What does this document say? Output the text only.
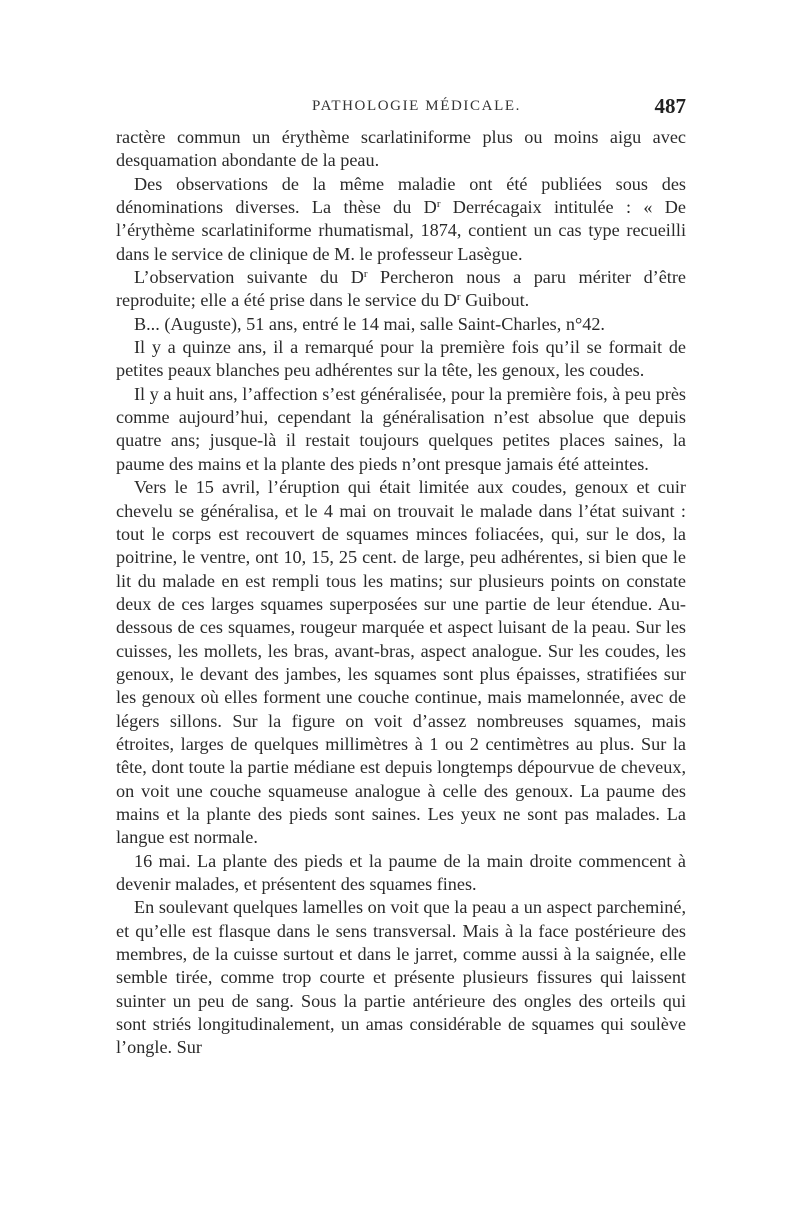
PATHOLOGIE MÉDICALE.	487

ractère commun un érythème scarlatiniforme plus ou moins aigu avec desquamation abondante de la peau.

Des observations de la même maladie ont été publiées sous des dénominations diverses. La thèse du $D^r$ Derrécagaix intitulée : « De l’érythème scarlatiniforme rhumatismal, 1874, contient un cas type recueilli dans le service de clinique de M. le professeur Lasègue.

L’observation suivante du $D^r$ Percheron nous a paru mériter d’être reproduite; elle a été prise dans le service du $D^r$ Guibout.

B... (Auguste), 51 ans, entré le 14 mai, salle Saint-Charles, n°42.

Il y a quinze ans, il a remarqué pour la première fois qu’il se formait de petites peaux blanches peu adhérentes sur la tête, les genoux, les coudes.

Il y a huit ans, l’affection s’est généralisée, pour la première fois, à peu près comme aujourd’hui, cependant la généralisation n’est absolue que depuis quatre ans; jusque-là il restait toujours quelques petites places saines, la paume des mains et la plante des pieds n’ont presque jamais été atteintes.

Vers le 15 avril, l’éruption qui était limitée aux coudes, genoux et cuir chevelu se généralisa, et le 4 mai on trouvait le malade dans l’état suivant : tout le corps est recouvert de squames minces foliacées, qui, sur le dos, la poitrine, le ventre, ont 10, 15, 25 cent. de large, peu adhérentes, si bien que le lit du malade en est rempli tous les matins; sur plusieurs points on constate deux de ces larges squames superposées sur une partie de leur étendue. Au-dessous de ces squames, rougeur marquée et aspect luisant de la peau. Sur les cuisses, les mollets, les bras, avant-bras, aspect analogue. Sur les coudes, les genoux, le devant des jambes, les squames sont plus épaisses, stratifiées sur les genoux où elles forment une couche continue, mais mamelonnée, avec de légers sillons. Sur la figure on voit d’assez nombreuses squames, mais étroites, larges de quelques millimètres à 1 ou 2 centimètres au plus. Sur la tête, dont toute la partie médiane est depuis longtemps dépourvue de cheveux, on voit une couche squameuse analogue à celle des genoux. La paume des mains et la plante des pieds sont saines. Les yeux ne sont pas malades. La langue est normale.

16 mai. La plante des pieds et la paume de la main droite commencent à devenir malades, et présentent des squames fines.

En soulevant quelques lamelles on voit que la peau a un aspect parcheminé, et qu’elle est flasque dans le sens transversal. Mais à la face postérieure des membres, de la cuisse surtout et dans le jarret, comme aussi à la saignée, elle semble tirée, comme trop courte et présente plusieurs fissures qui laissent suinter un peu de sang. Sous la partie antérieure des ongles des orteils qui sont striés longitudinalement, un amas considérable de squames qui soulève l’ongle. Sur
